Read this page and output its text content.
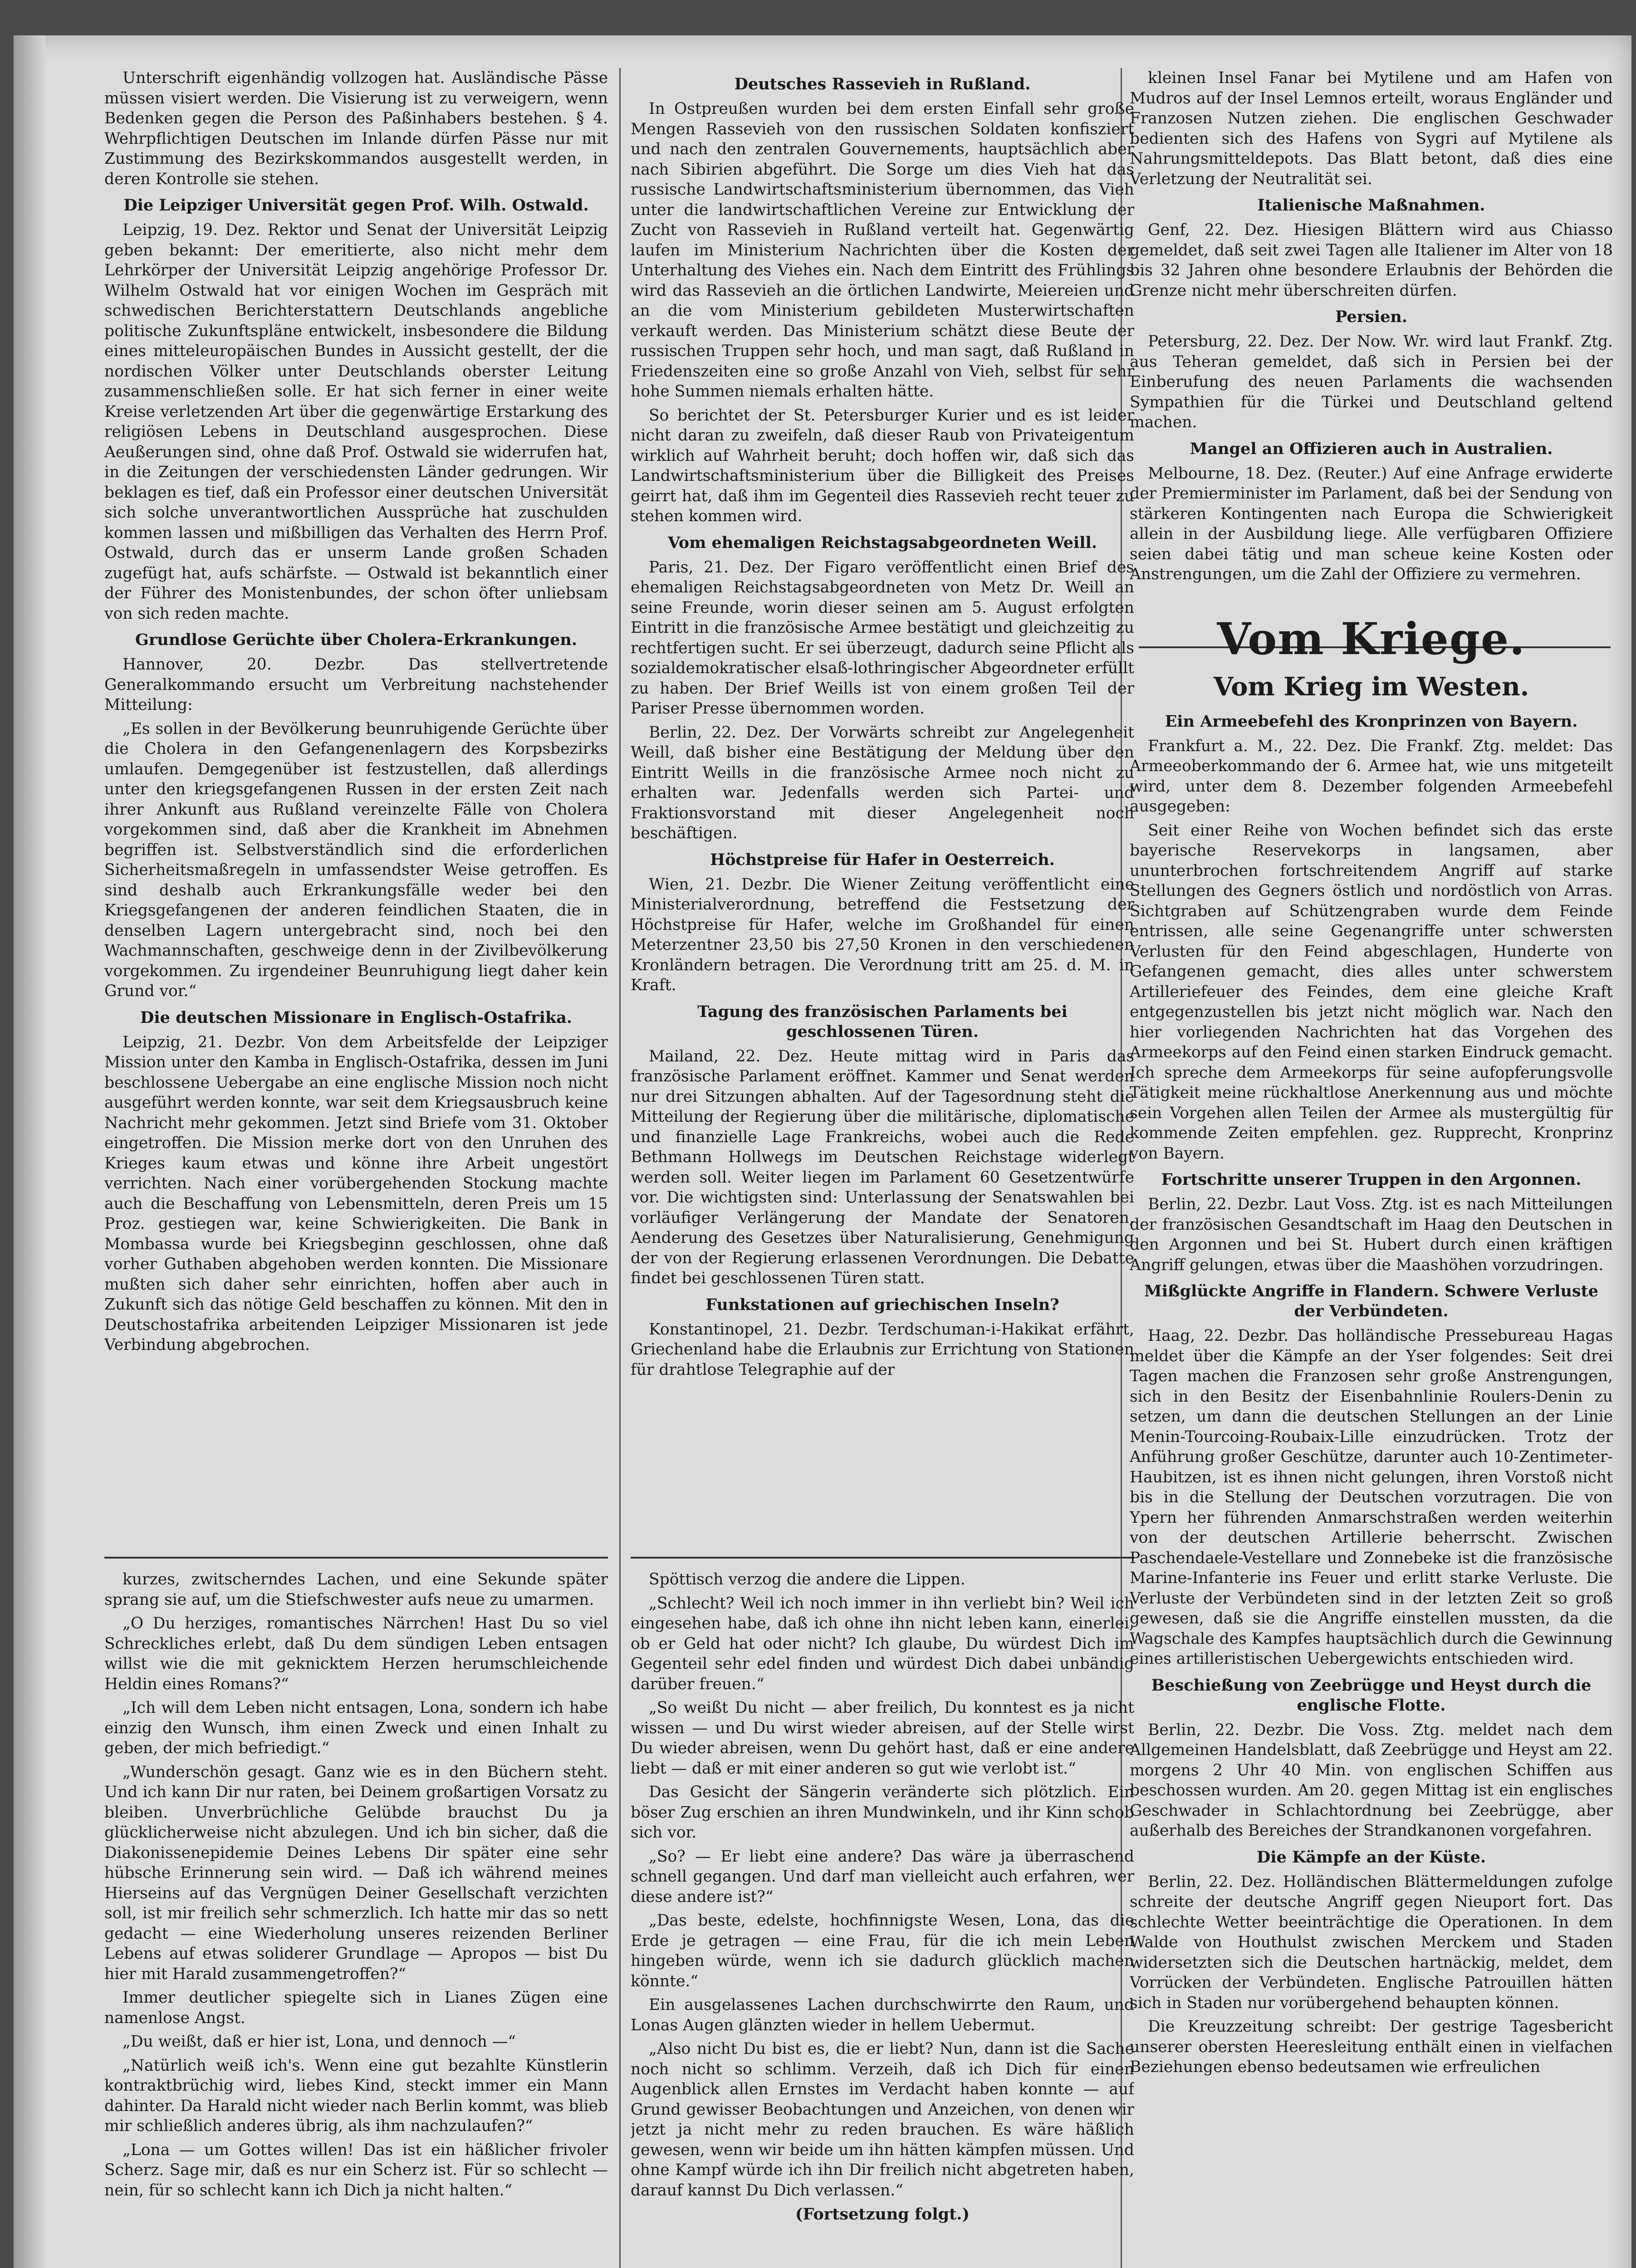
Unterschrift eigenhändig vollzogen hat. Ausländische Pässe müssen visiert werden. Die Visierung ist zu verweigern, wenn Bedenken gegen die Person des Paßinhabers bestehen. § 4. Wehrpflichtigen Deutschen im Inlande dürfen Pässe nur mit Zustimmung des Bezirkskommandos ausgestellt werden, in deren Kontrolle sie stehen.

Die Leipziger Universität gegen Prof. Wilh. Ostwald.

Leipzig, 19. Dez. Rektor und Senat der Universität Leipzig geben bekannt: Der emeritierte, also nicht mehr dem Lehrkörper der Universität Leipzig angehörige Professor Dr. Wilhelm Ostwald hat vor einigen Wochen im Gespräch mit schwedischen Berichterstattern Deutschlands angebliche politische Zukunftspläne entwickelt, insbesondere die Bildung eines mitteleuropäischen Bundes in Aussicht gestellt, der die nordischen Völker unter Deutschlands oberster Leitung zusammenschließen solle. Er hat sich ferner in einer weite Kreise verletzenden Art über die gegenwärtige Erstarkung des religiösen Lebens in Deutschland ausgesprochen. Diese Aeußerungen sind, ohne daß Prof. Ostwald sie widerrufen hat, in die Zeitungen der verschiedensten Länder gedrungen. Wir beklagen es tief, daß ein Professor einer deutschen Universität sich solche unverantwortlichen Aussprüche hat zuschulden kommen lassen und mißbilligen das Verhalten des Herrn Prof. Ostwald, durch das er unserm Lande großen Schaden zugefügt hat, aufs schärfste. — Ostwald ist bekanntlich einer der Führer des Monistenbundes, der schon öfter unliebsam von sich reden machte.

Grundlose Gerüchte über Cholera-Erkrankungen.

Hannover, 20. Dezbr. Das stellvertretende Generalkommando ersucht um Verbreitung nachstehender Mitteilung:

„Es sollen in der Bevölkerung beunruhigende Gerüchte über die Cholera in den Gefangenenlagern des Korpsbezirks umlaufen. Demgegenüber ist festzustellen, daß allerdings unter den kriegsgefangenen Russen in der ersten Zeit nach ihrer Ankunft aus Rußland vereinzelte Fälle von Cholera vorgekommen sind, daß aber die Krankheit im Abnehmen begriffen ist. Selbstverständlich sind die erforderlichen Sicherheitsmaßregeln in umfassendster Weise getroffen. Es sind deshalb auch Erkrankungsfälle weder bei den Kriegsgefangenen der anderen feindlichen Staaten, die in denselben Lagern untergebracht sind, noch bei den Wachmannschaften, geschweige denn in der Zivilbevölkerung vorgekommen. Zu irgendeiner Beunruhigung liegt daher kein Grund vor.“

Die deutschen Missionare in Englisch-Ostafrika.

Leipzig, 21. Dezbr. Von dem Arbeitsfelde der Leipziger Mission unter den Kamba in Englisch-Ostafrika, dessen im Juni beschlossene Uebergabe an eine englische Mission noch nicht ausgeführt werden konnte, war seit dem Kriegsausbruch keine Nachricht mehr gekommen. Jetzt sind Briefe vom 31. Oktober eingetroffen. Die Mission merke dort von den Unruhen des Krieges kaum etwas und könne ihre Arbeit ungestört verrichten. Nach einer vorübergehenden Stockung machte auch die Beschaffung von Lebensmitteln, deren Preis um 15 Proz. gestiegen war, keine Schwierigkeiten. Die Bank in Mombassa wurde bei Kriegsbeginn geschlossen, ohne daß vorher Guthaben abgehoben werden konnten. Die Missionare mußten sich daher sehr einrichten, hoffen aber auch in Zukunft sich das nötige Geld beschaffen zu können. Mit den in Deutschostafrika arbeitenden Leipziger Missionaren ist jede Verbindung abgebrochen.

Deutsches Rassevieh in Rußland.

In Ostpreußen wurden bei dem ersten Einfall sehr große Mengen Rassevieh von den russischen Soldaten konfisziert und nach den zentralen Gouvernements, hauptsächlich aber nach Sibirien abgeführt. Die Sorge um dies Vieh hat das russische Landwirtschaftsministerium übernommen, das Vieh unter die landwirtschaftlichen Vereine zur Entwicklung der Zucht von Rassevieh in Rußland verteilt hat. Gegenwärtig laufen im Ministerium Nachrichten über die Kosten der Unterhaltung des Viehes ein. Nach dem Eintritt des Frühlings wird das Rassevieh an die örtlichen Landwirte, Meiereien und an die vom Ministerium gebildeten Musterwirtschaften verkauft werden. Das Ministerium schätzt diese Beute der russischen Truppen sehr hoch, und man sagt, daß Rußland in Friedenszeiten eine so große Anzahl von Vieh, selbst für sehr hohe Summen niemals erhalten hätte.

So berichtet der St. Petersburger Kurier und es ist leider nicht daran zu zweifeln, daß dieser Raub von Privateigentum wirklich auf Wahrheit beruht; doch hoffen wir, daß sich das Landwirtschaftsministerium über die Billigkeit des Preises geirrt hat, daß ihm im Gegenteil dies Rassevieh recht teuer zu stehen kommen wird.

Vom ehemaligen Reichstagsabgeordneten Weill.

Paris, 21. Dez. Der Figaro veröffentlicht einen Brief des ehemaligen Reichstagsabgeordneten von Metz Dr. Weill an seine Freunde, worin dieser seinen am 5. August erfolgten Eintritt in die französische Armee bestätigt und gleichzeitig zu rechtfertigen sucht. Er sei überzeugt, dadurch seine Pflicht als sozialdemokratischer elsaß-lothringischer Abgeordneter erfüllt zu haben. Der Brief Weills ist von einem großen Teil der Pariser Presse übernommen worden.

Berlin, 22. Dez. Der Vorwärts schreibt zur Angelegenheit Weill, daß bisher eine Bestätigung der Meldung über den Eintritt Weills in die französische Armee noch nicht zu erhalten war. Jedenfalls werden sich Partei- und Fraktionsvorstand mit dieser Angelegenheit noch beschäftigen.

Höchstpreise für Hafer in Oesterreich.

Wien, 21. Dezbr. Die Wiener Zeitung veröffentlicht eine Ministerialverordnung, betreffend die Festsetzung der Höchstpreise für Hafer, welche im Großhandel für einen Meterzentner 23,50 bis 27,50 Kronen in den verschiedenen Kronländern betragen. Die Verordnung tritt am 25. d. M. in Kraft.

Tagung des französischen Parlaments bei geschlossenen Türen.

Mailand, 22. Dez. Heute mittag wird in Paris das französische Parlament eröffnet. Kammer und Senat werden nur drei Sitzungen abhalten. Auf der Tagesordnung steht die Mitteilung der Regierung über die militärische, diplomatische und finanzielle Lage Frankreichs, wobei auch die Rede Bethmann Hollwegs im Deutschen Reichstage widerlegt werden soll. Weiter liegen im Parlament 60 Gesetzentwürfe vor. Die wichtigsten sind: Unterlassung der Senatswahlen bei vorläufiger Verlängerung der Mandate der Senatoren, Aenderung des Gesetzes über Naturalisierung, Genehmigung der von der Regierung erlassenen Verordnungen. Die Debatte findet bei geschlossenen Türen statt.

Funkstationen auf griechischen Inseln?

Konstantinopel, 21. Dezbr. Terdschuman-i-Hakikat erfährt, Griechenland habe die Erlaubnis zur Errichtung von Stationen für drahtlose Telegraphie auf der

kleinen Insel Fanar bei Mytilene und am Hafen von Mudros auf der Insel Lemnos erteilt, woraus Engländer und Franzosen Nutzen ziehen. Die englischen Geschwader bedienten sich des Hafens von Sygri auf Mytilene als Nahrungsmitteldepots. Das Blatt betont, daß dies eine Verletzung der Neutralität sei.

Italienische Maßnahmen.

Genf, 22. Dez. Hiesigen Blättern wird aus Chiasso gemeldet, daß seit zwei Tagen alle Italiener im Alter von 18 bis 32 Jahren ohne besondere Erlaubnis der Behörden die Grenze nicht mehr überschreiten dürfen.

Persien.

Petersburg, 22. Dez. Der Now. Wr. wird laut Frankf. Ztg. aus Teheran gemeldet, daß sich in Persien bei der Einberufung des neuen Parlaments die wachsenden Sympathien für die Türkei und Deutschland geltend machen.

Mangel an Offizieren auch in Australien.

Melbourne, 18. Dez. (Reuter.) Auf eine Anfrage erwiderte der Premierminister im Parlament, daß bei der Sendung von stärkeren Kontingenten nach Europa die Schwierigkeit allein in der Ausbildung liege. Alle verfügbaren Offiziere seien dabei tätig und man scheue keine Kosten oder Anstrengungen, um die Zahl der Offiziere zu vermehren.

Vom Kriege.
Vom Krieg im Westen.
Ein Armeebefehl des Kronprinzen von Bayern.

Frankfurt a. M., 22. Dez. Die Frankf. Ztg. meldet: Das Armeeoberkommando der 6. Armee hat, wie uns mitgeteilt wird, unter dem 8. Dezember folgenden Armeebefehl ausgegeben:

Seit einer Reihe von Wochen befindet sich das erste bayerische Reservekorps in langsamen, aber ununterbrochen fortschreitendem Angriff auf starke Stellungen des Gegners östlich und nordöstlich von Arras. Sichtgraben auf Schützengraben wurde dem Feinde entrissen, alle seine Gegenangriffe unter schwersten Verlusten für den Feind abgeschlagen, Hunderte von Gefangenen gemacht, dies alles unter schwerstem Artilleriefeuer des Feindes, dem eine gleiche Kraft entgegenzustellen bis jetzt nicht möglich war. Nach den hier vorliegenden Nachrichten hat das Vorgehen des Armeekorps auf den Feind einen starken Eindruck gemacht. Ich spreche dem Armeekorps für seine aufopferungsvolle Tätigkeit meine rückhaltlose Anerkennung aus und möchte sein Vorgehen allen Teilen der Armee als mustergültig für kommende Zeiten empfehlen. gez. Rupprecht, Kronprinz von Bayern.

Fortschritte unserer Truppen in den Argonnen.

Berlin, 22. Dezbr. Laut Voss. Ztg. ist es nach Mitteilungen der französischen Gesandtschaft im Haag den Deutschen in den Argonnen und bei St. Hubert durch einen kräftigen Angriff gelungen, etwas über die Maashöhen vorzudringen.

Mißglückte Angriffe in Flandern. Schwere Verluste der Verbündeten.

Haag, 22. Dezbr. Das holländische Pressebureau Hagas meldet über die Kämpfe an der Yser folgendes: Seit drei Tagen machen die Franzosen sehr große Anstrengungen, sich in den Besitz der Eisenbahnlinie Roulers-Denin zu setzen, um dann die deutschen Stellungen an der Linie Menin-Tourcoing-Roubaix-Lille einzudrücken. Trotz der Anführung großer Geschütze, darunter auch 10-Zentimeter-Haubitzen, ist es ihnen nicht gelungen, ihren Vorstoß nicht bis in die Stellung der Deutschen vorzutragen. Die von Ypern her führenden Anmarschstraßen werden weiterhin von der deutschen Artillerie beherrscht. Zwischen Paschendaele-Vestellare und Zonnebeke ist die französische Marine-Infanterie ins Feuer und erlitt starke Verluste. Die Verluste der Verbündeten sind in der letzten Zeit so groß gewesen, daß sie die Angriffe einstellen mussten, da die Wagschale des Kampfes hauptsächlich durch die Gewinnung eines artilleristischen Uebergewichts entschieden wird.

Beschießung von Zeebrügge und Heyst durch die englische Flotte.

Berlin, 22. Dezbr. Die Voss. Ztg. meldet nach dem Allgemeinen Handelsblatt, daß Zeebrügge und Heyst am 22. morgens 2 Uhr 40 Min. von englischen Schiffen aus beschossen wurden. Am 20. gegen Mittag ist ein englisches Geschwader in Schlachtordnung bei Zeebrügge, aber außerhalb des Bereiches der Strandkanonen vorgefahren.

Die Kämpfe an der Küste.

Berlin, 22. Dez. Holländischen Blättermeldungen zufolge schreite der deutsche Angriff gegen Nieuport fort. Das schlechte Wetter beeinträchtige die Operationen. In dem Walde von Houthulst zwischen Merckem und Staden widersetzten sich die Deutschen hartnäckig, meldet, dem Vorrücken der Verbündeten. Englische Patrouillen hätten sich in Staden nur vorübergehend behaupten können.

Die Kreuzzeitung schreibt: Der gestrige Tagesbericht unserer obersten Heeresleitung enthält einen in vielfachen Beziehungen ebenso bedeutsamen wie erfreulichen

kurzes, zwitscherndes Lachen, und eine Sekunde später sprang sie auf, um die Stiefschwester aufs neue zu umarmen.

„O Du herziges, romantisches Närrchen! Hast Du so viel Schreckliches erlebt, daß Du dem sündigen Leben entsagen willst wie die mit geknicktem Herzen herumschleichende Heldin eines Romans?“

„Ich will dem Leben nicht entsagen, Lona, sondern ich habe einzig den Wunsch, ihm einen Zweck und einen Inhalt zu geben, der mich befriedigt.“

„Wunderschön gesagt. Ganz wie es in den Büchern steht. Und ich kann Dir nur raten, bei Deinem großartigen Vorsatz zu bleiben. Unverbrüchliche Gelübde brauchst Du ja glücklicherweise nicht abzulegen. Und ich bin sicher, daß die Diakonissenepidemie Deines Lebens Dir später eine sehr hübsche Erinnerung sein wird. — Daß ich während meines Hierseins auf das Vergnügen Deiner Gesellschaft verzichten soll, ist mir freilich sehr schmerzlich. Ich hatte mir das so nett gedacht — eine Wiederholung unseres reizenden Berliner Lebens auf etwas soliderer Grundlage — Apropos — bist Du hier mit Harald zusammengetroffen?“

Immer deutlicher spiegelte sich in Lianes Zügen eine namenlose Angst.

„Du weißt, daß er hier ist, Lona, und dennoch —“

„Natürlich weiß ich's. Wenn eine gut bezahlte Künstlerin kontraktbrüchig wird, liebes Kind, steckt immer ein Mann dahinter. Da Harald nicht wieder nach Berlin kommt, was blieb mir schließlich anderes übrig, als ihm nachzulaufen?“

„Lona — um Gottes willen! Das ist ein häßlicher frivoler Scherz. Sage mir, daß es nur ein Scherz ist. Für so schlecht — nein, für so schlecht kann ich Dich ja nicht halten.“

Spöttisch verzog die andere die Lippen.

„Schlecht? Weil ich noch immer in ihn verliebt bin? Weil ich eingesehen habe, daß ich ohne ihn nicht leben kann, einerlei, ob er Geld hat oder nicht? Ich glaube, Du würdest Dich im Gegenteil sehr edel finden und würdest Dich dabei unbändig darüber freuen.“

„So weißt Du nicht — aber freilich, Du konntest es ja nicht wissen — und Du wirst wieder abreisen, auf der Stelle wirst Du wieder abreisen, wenn Du gehört hast, daß er eine andere liebt — daß er mit einer anderen so gut wie verlobt ist.“

Das Gesicht der Sängerin veränderte sich plötzlich. Ein böser Zug erschien an ihren Mundwinkeln, und ihr Kinn schob sich vor.

„So? — Er liebt eine andere? Das wäre ja überraschend schnell gegangen. Und darf man vielleicht auch erfahren, wer diese andere ist?“

„Das beste, edelste, hochfinnigste Wesen, Lona, das die Erde je getragen — eine Frau, für die ich mein Leben hingeben würde, wenn ich sie dadurch glücklich machen könnte.“

Ein ausgelassenes Lachen durchschwirrte den Raum, und Lonas Augen glänzten wieder in hellem Uebermut.

„Also nicht Du bist es, die er liebt? Nun, dann ist die Sache noch nicht so schlimm. Verzeih, daß ich Dich für einen Augenblick allen Ernstes im Verdacht haben konnte — auf Grund gewisser Beobachtungen und Anzeichen, von denen wir jetzt ja nicht mehr zu reden brauchen. Es wäre häßlich gewesen, wenn wir beide um ihn hätten kämpfen müssen. Und ohne Kampf würde ich ihn Dir freilich nicht abgetreten haben, darauf kannst Du Dich verlassen.“

(Fortsetzung folgt.)
